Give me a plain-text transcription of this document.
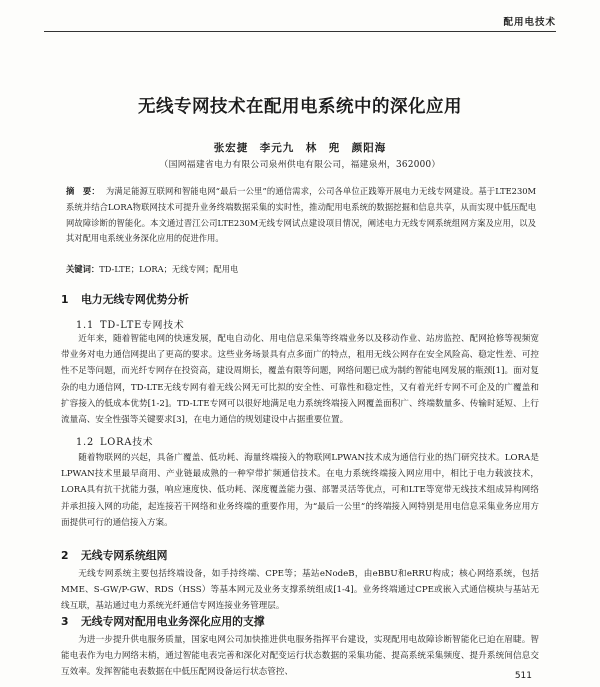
配用电技术
无线专网技术在配用电系统中的深化应用
张宏捷　李元九　林　兜　颜阳海
（国网福建省电力有限公司泉州供电有限公司，福建泉州，362000）
摘　要： 为满足能源互联网和智能电网“最后一公里”的通信需求，公司各单位正践筹开展电力无线专网建设。基于LTE230M系统并结合LORA物联网技术可提升业务终端数据采集的实时性，推动配用电系统的数据挖掘和信息共享，从而实现中低压配电网故障诊断的智能化。本文通过晋江公司LTE230M无线专网试点建设项目情况，阐述电力无线专网系统组网方案及应用，以及其对配用电系统业务深化应用的促进作用。
关键词：TD-LTE；LORA；无线专网；配用电
1 电力无线专网优势分析
1.1 TD-LTE专网技术
近年来，随着智能电网的快速发展，配电自动化、用电信息采集等终端业务以及移动作业、站房监控、配网抢修等视频宽带业务对电力通信网提出了更高的要求。这些业务场景具有点多面广的特点，租用无线公网存在安全风险高、稳定性差、可控性不足等问题，而光纤专网存在投资高，建设周期长，覆盖有限等问题，网络问题已成为制约智能电网发展的瓶颈[1]。面对复杂的电力通信网，TD-LTE无线专网有着无线公网无可比拟的安全性、可靠性和稳定性，又有着光纤专网不可企及的广覆盖和扩容接入的低成本优势[1-2]。TD-LTE专网可以很好地满足电力系统终端接入网覆盖面积广、终端数量多、传输时延短、上行流量高、安全性强等关键要求[3]，在电力通信的规划建设中占据重要位置。
1.2 LORA技术
随着物联网的兴起，具备广覆盖、低功耗、海量终端接入的物联网LPWAN技术成为通信行业的热门研究技术。LORA是LPWAN技术里最早商用、产业链最成熟的一种窄带扩频通信技术。在电力系统终端接入网应用中，相比于电力载波技术，LORA具有抗干扰能力强，响应速度快、低功耗、深度覆盖能力强、部署灵活等优点，可和LTE等宽带无线技术组成异构网络并承担接入网的功能，起连接若干网络和业务终端的重要作用，为“最后一公里”的终端接入网特别是用电信息采集业务应用方面提供可行的通信接入方案。
2 无线专网系统组网
无线专网系统主要包括终端设备，如手持终端、CPE等；基站eNodeB，由eBBU和eRRU构成；核心网络系统，包括MME、S-GW/P-GW、RDS（HSS）等基本网元及业务支撑系统组成[1-4]。业务终端通过CPE或嵌入式通信模块与基站无线互联，基站通过电力系统光纤通信专网连接业务管理层。
3 无线专网对配用电业务深化应用的支撑
为进一步提升供电服务质量，国家电网公司加快推进供电服务指挥平台建设，实现配用电故障诊断智能化已迫在眉睫。智能电表作为电力网络末梢，通过智能电表完善和深化对配变运行状态数据的采集功能、提高系统采集频度、提升系统间信息交互效率。发挥智能电表数据在中低压配网设备运行状态管控、	511
